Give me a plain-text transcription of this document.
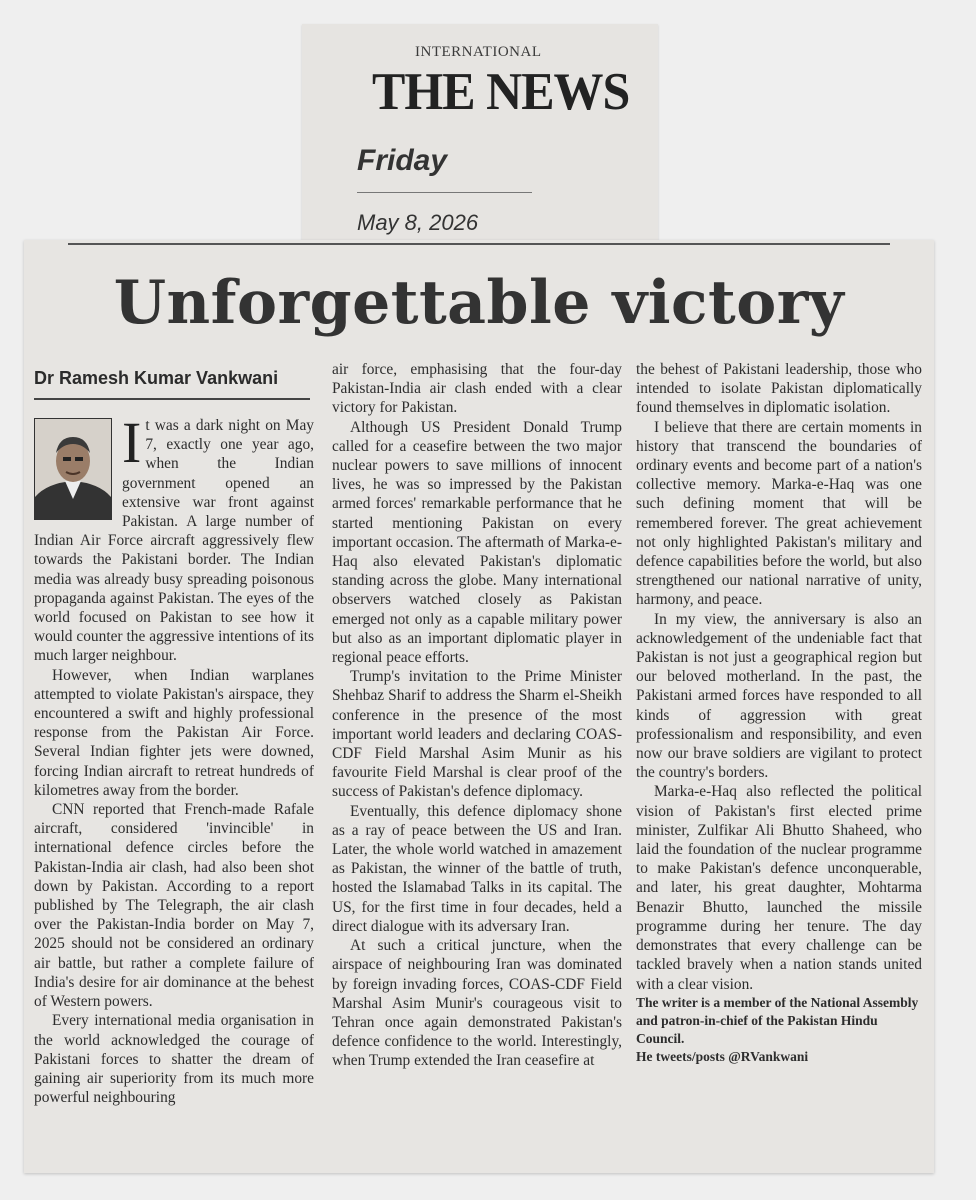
INTERNATIONAL
THE NEWS
Friday
May 8, 2026
Unforgettable victory
Dr Ramesh Kumar Vankwani

It was a dark night on May 7, exactly one year ago, when the Indian government opened an extensive war front against Pakistan. A large number of Indian Air Force aircraft aggressively flew towards the Pakistani border. The Indian media was already busy spreading poisonous propaganda against Pakistan. The eyes of the world focused on Pakistan to see how it would counter the aggressive intentions of its much larger neighbour.

However, when Indian warplanes attempted to violate Pakistan's airspace, they encountered a swift and highly professional response from the Pakistan Air Force. Several Indian fighter jets were downed, forcing Indian aircraft to retreat hundreds of kilometres away from the border.

CNN reported that French-made Rafale aircraft, considered 'invincible' in international defence circles before the Pakistan-India air clash, had also been shot down by Pakistan. According to a report published by The Telegraph, the air clash over the Pakistan-India border on May 7, 2025 should not be considered an ordinary air battle, but rather a complete failure of India's desire for air dominance at the behest of Western powers.

Every international media organisation in the world acknowledged the courage of Pakistani forces to shatter the dream of gaining air superiority from its much more powerful neighbouring

air force, emphasising that the four-day Pakistan-India air clash ended with a clear victory for Pakistan.

Although US President Donald Trump called for a ceasefire between the two major nuclear powers to save millions of innocent lives, he was so impressed by the Pakistan armed forces' remarkable performance that he started mentioning Pakistan on every important occasion. The aftermath of Marka-e-Haq also elevated Pakistan's diplomatic standing across the globe. Many international observers watched closely as Pakistan emerged not only as a capable military power but also as an important diplomatic player in regional peace efforts.

Trump's invitation to the Prime Minister Shehbaz Sharif to address the Sharm el-Sheikh conference in the presence of the most important world leaders and declaring COAS-CDF Field Marshal Asim Munir as his favourite Field Marshal is clear proof of the success of Pakistan's defence diplomacy.

Eventually, this defence diplomacy shone as a ray of peace between the US and Iran. Later, the whole world watched in amazement as Pakistan, the winner of the battle of truth, hosted the Islamabad Talks in its capital. The US, for the first time in four decades, held a direct dialogue with its adversary Iran.

At such a critical juncture, when the airspace of neighbouring Iran was dominated by foreign invading forces, COAS-CDF Field Marshal Asim Munir's courageous visit to Tehran once again demonstrated Pakistan's defence confidence to the world. Interestingly, when Trump extended the Iran ceasefire at

the behest of Pakistani leadership, those who intended to isolate Pakistan diplomatically found themselves in diplomatic isolation.

I believe that there are certain moments in history that transcend the boundaries of ordinary events and become part of a nation's collective memory. Marka-e-Haq was one such defining moment that will be remembered forever. The great achievement not only highlighted Pakistan's military and defence capabilities before the world, but also strengthened our national narrative of unity, harmony, and peace.

In my view, the anniversary is also an acknowledgement of the undeniable fact that Pakistan is not just a geographical region but our beloved motherland. In the past, the Pakistani armed forces have responded to all kinds of aggression with great professionalism and responsibility, and even now our brave soldiers are vigilant to protect the country's borders.

Marka-e-Haq also reflected the political vision of Pakistan's first elected prime minister, Zulfikar Ali Bhutto Shaheed, who laid the foundation of the nuclear programme to make Pakistan's defence unconquerable, and later, his great daughter, Mohtarma Benazir Bhutto, launched the missile programme during her tenure. The day demonstrates that every challenge can be tackled bravely when a nation stands united with a clear vision.

The writer is a member of the National Assembly and patron-in-chief of the Pakistan Hindu Council.
He tweets/posts @RVankwani
